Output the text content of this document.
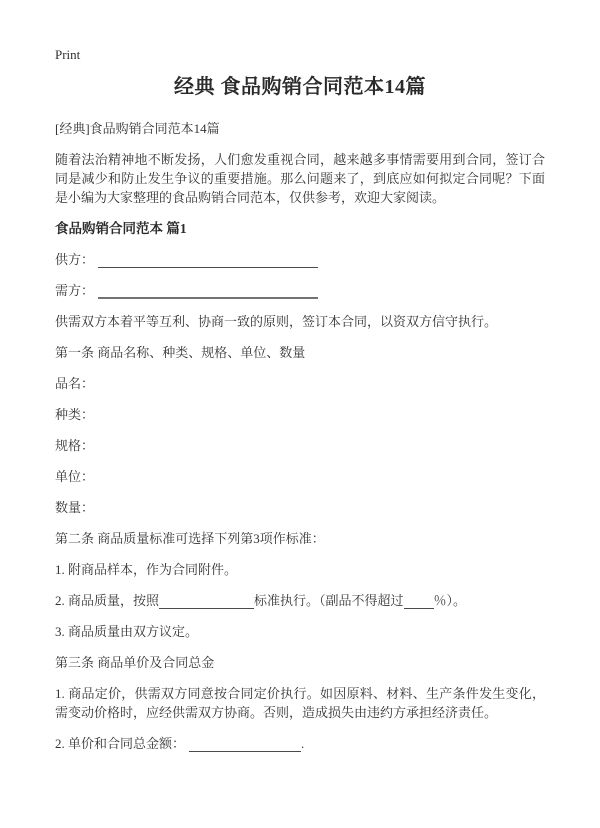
Print
经典 食品购销合同范本14篇

[经典]食品购销合同范本14篇

随着法治精神地不断发扬，人们愈发重视合同，越来越多事情需要用到合同，签订合同是减少和防止发生争议的重要措施。那么问题来了，到底应如何拟定合同呢？下面是小编为大家整理的食品购销合同范本，仅供参考，欢迎大家阅读。

食品购销合同范本 篇1

供方：

需方：

供需双方本着平等互利、协商一致的原则，签订本合同，以资双方信守执行。

第一条 商品名称、种类、规格、单位、数量

品名：

种类：

规格：

单位：

数量：

第二条 商品质量标准可选择下列第3项作标准：

1. 附商品样本，作为合同附件。

2. 商品质量，按照	标准执行。（副品不得超过 ％）。

3. 商品质量由双方议定。

第三条 商品单价及合同总金

1. 商品定价，供需双方同意按合同定价执行。如因原料、材料、生产条件发生变化，需变动价格时，应经供需双方协商。否则，造成损失由违约方承担经济责任。

2. 单价和合同总金额：	.
